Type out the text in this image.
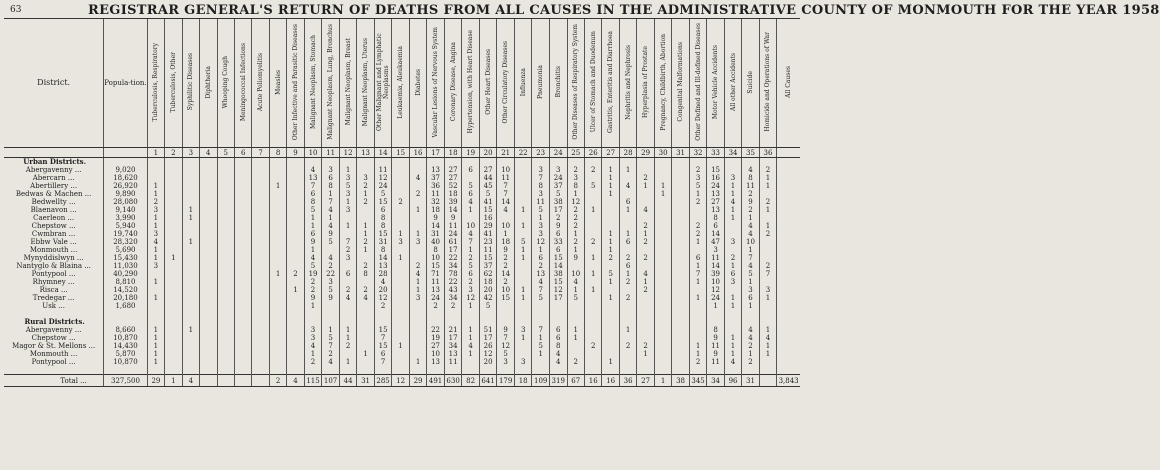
63	REGISTRAR GENERAL'S RETURN OF DEATHS FROM ALL CAUSES IN THE ADMINISTRATIVE COUNTY OF MONMOUTH FOR THE YEAR 1958
District.	Popula-tion.	Tuberculosis, Respiratory	Tuberculosis, Other	Syphilitic Diseases	Diphtheria	Whooping Cough	Meningococcal Infections	Acute Poliomyelitis	Measles	Other Infective and Parasitic Diseases	Malignant Neoplasm, Stomach	Malignant Neoplasm, Lung, Bronchus	Malignant Neoplasm, Breast	Malignant Neoplasm, Uterus	Other Malignant and Lymphatic Neoplasms	Leukaemia, Aleukaemia	Diabetes	Vascular Lesions of Nervous System	Coronary Disease, Angina	Hypertension, with Heart Disease	Other Heart Diseases	Other Circulatory Diseases	Influenza	Pneumonia	Bronchitis	Other Diseases of Respiratory System	Ulcer of Stomach and Duodenum	Gastritis, Enteritis and Diarrhoea	Nephritis and Nephrosis	Hyperplasia of Prostate	Pregnancy, Childbirth, Abortion	Congenital Malformations	Other Defined and Ill-defined Diseases	Motor Vehicle Accidents	All other Accidents	Suicide	Homicide and Operations of War	All Causes
		1	2	3	4	5	6	7	8	9	10	11	12	13	14	15	16	17	18	19	20	21	22	23	24	25	26	27	28	29	30	31	32	33	34	35	36	
Urban Districts.																																						
Abergavenny ...	9,020										4	3	1		11			13	27	6	27	10		3	3	2	2	1	1				2	15		4	2	
Abercarn ...	18,620										13	6	3	3	12		4	37	27		44	11		7	24	3		1		2			3	16	3	8	1	
Abertillery ...	26,920	1							1		7	8	5	2	24			36	52	5	45	7		8	37	8	5	1	4	1	1		5	24	1	11	1	
Bedwas & Machen ...	9,890	1									6	1	3	1	5		2	11	18	6	5	7		3	5	1		1			1		1	13	1	2		
Bedwellty ...	28,080	2									8	7	1	2	15	2		32	39	4	41	14		11	38	12			6				2	27	4	9	2	
Blaenavon ...	9,140	3		1							5	4	3		6		1	18	14	1	15	4	1	5	17	2	1		1	4				13	1	2	1	
Caerleon ...	3,990	1		1							1	1			8			9	9		16			1	2	2								8	1	1		
Chepstow ...	5,940	1									1	4	1	1	8			14	11	10	29	10	1	3	9	2				2			2	6		4	1	
Cwmbran ...	19,740	3									6	9		1	15	1	1	31	24	4	41	1		3	6	1		1	1	1			2	14		4	2	
Ebbw Vale ...	28,320	4		1							9	5	7	2	31	3	3	40	61	7	23	18	5	12	33	2	2	1	6	2			1	47	3	10		
Monmouth ...	5,690	1									1		2	1	8			8	17	1	11	9	1	1	6	1		1						3		1		
Mynyddislwyn ...	15,430	1	1								4	4	3		14	1		10	22	2	15	2	1	6	15	9	1	2	2	2			6	11	2	7		
Nantyglo & Blaina ...	11,030	3									5	2		2	13		2	15	34	5	37	2		2	14				6				1	14	1	4	2	
Pontypool ...	40,290								1	2	19	22	6	8	28		4	71	78	6	62	14		13	38	10	1	5	1	4			7	39	6	5	7	
Rhymney ...	8,810	1									2	3			4		1	11	22	2	18	2		4	15	4		1	2	1			1	10	3	1		
Risca ...	14,520									1	2	5	2	2	20		1	13	43	3	20	10	1	7	12	1	1			2				12		3	3	
Tredegar ...	20,180	1									9	9	4	4	12		3	24	34	12	42	15	1	5	17	5		1	2				1	24	1	6	1	
Usk ...	1,680										1				2			2	2	1	5													1	1	1		

Rural Districts.																																						
Abergavenny ...	8,660	1		1							3	1	1		15			22	21	1	51	9	3	7	6	1			1					8		4	1	
Chepstow ...	10,870	1									3	5	1		7			19	17	1	17	7	1	1	6	1								9	1	4	4	
Magor & St. Mellons ...	14,430	1									4	7	2		15	1		27	34	4	26	12		5	8		2		2	2			1	11	1	2	1	
Monmouth ...	5,870	1									1	2		1	6			10	13	1	12	5		1	4					1			1	9	1	1	1	
Pontypool ...	10,870	1									2	4	1		7		1	13	11		20	3	3		4	2		1					2	11	4	2		

Total ...	327,500	29	1	4					2	4	115	107	44	31	285	12	29	491	630	82	641	179	18	109	319	67	16	16	36	27	1	38	345	34	96	31		3,843
